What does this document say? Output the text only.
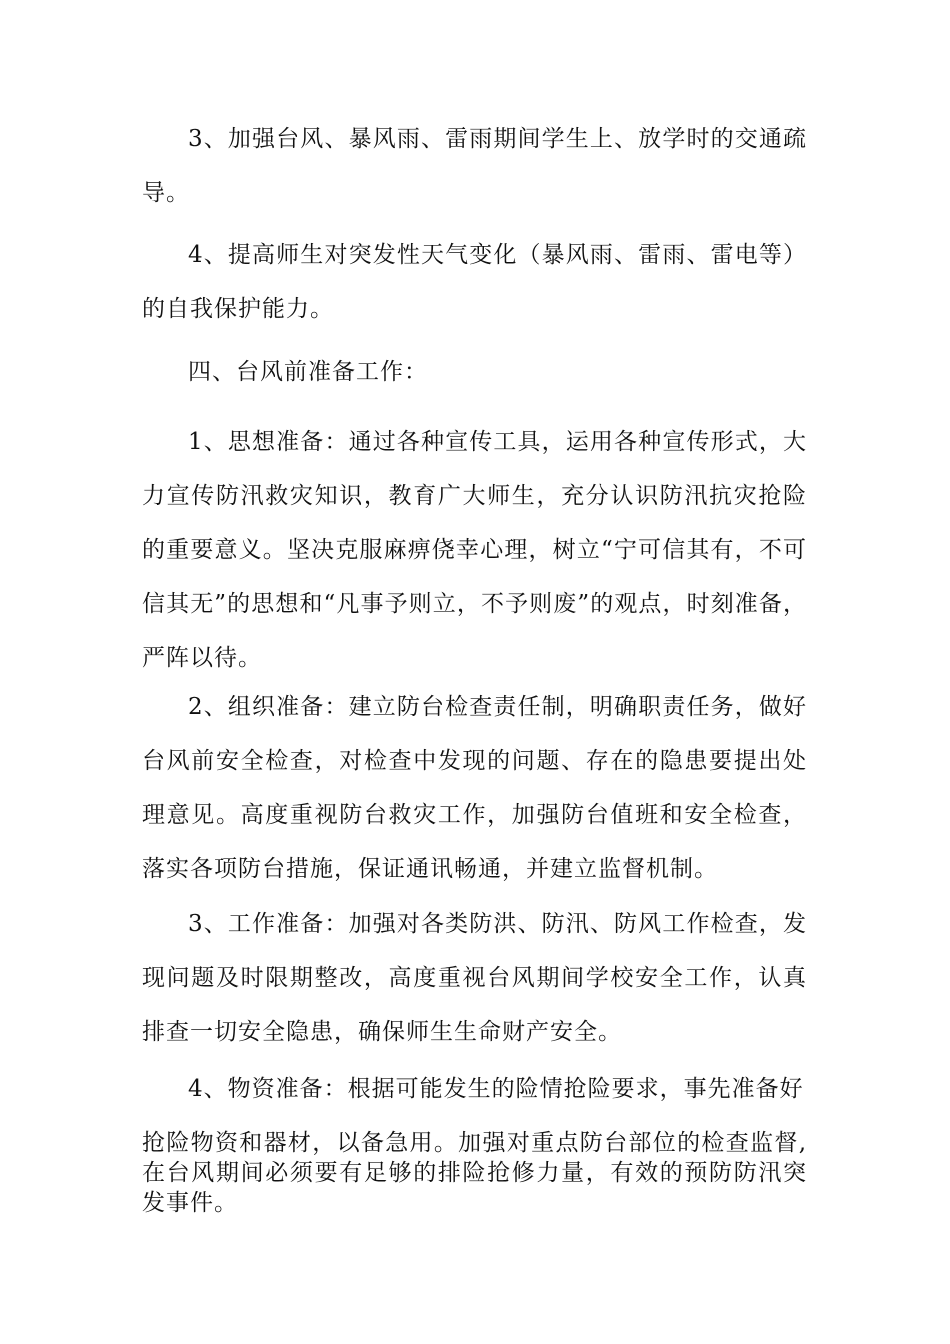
3、加强台风、暴风雨、雷雨期间学生上、放学时的交通疏导。

4、提高师生对突发性天气变化（暴风雨、雷雨、雷电等）的自我保护能力。

四、台风前准备工作：

1、思想准备：通过各种宣传工具，运用各种宣传形式，大力宣传防汛救灾知识，教育广大师生，充分认识防汛抗灾抢险的重要意义。坚决克服麻痹侥幸心理，树立“宁可信其有，不可信其无”的思想和“凡事予则立，不予则废”的观点，时刻准备，严阵以待。

2、组织准备：建立防台检查责任制，明确职责任务，做好台风前安全检查，对检查中发现的问题、存在的隐患要提出处理意见。高度重视防台救灾工作，加强防台值班和安全检查，落实各项防台措施，保证通讯畅通，并建立监督机制。

3、工作准备：加强对各类防洪、防汛、防风工作检查，发现问题及时限期整改，高度重视台风期间学校安全工作，认真排查一切安全隐患，确保师生生命财产安全。

4、物资准备：根据可能发生的险情抢险要求，事先准备好
抢险物资和器材，以备急用。加强对重点防台部位的检查监督,在台风期间必须要有足够的排险抢修力量，有效的预防防汛突发事件。
